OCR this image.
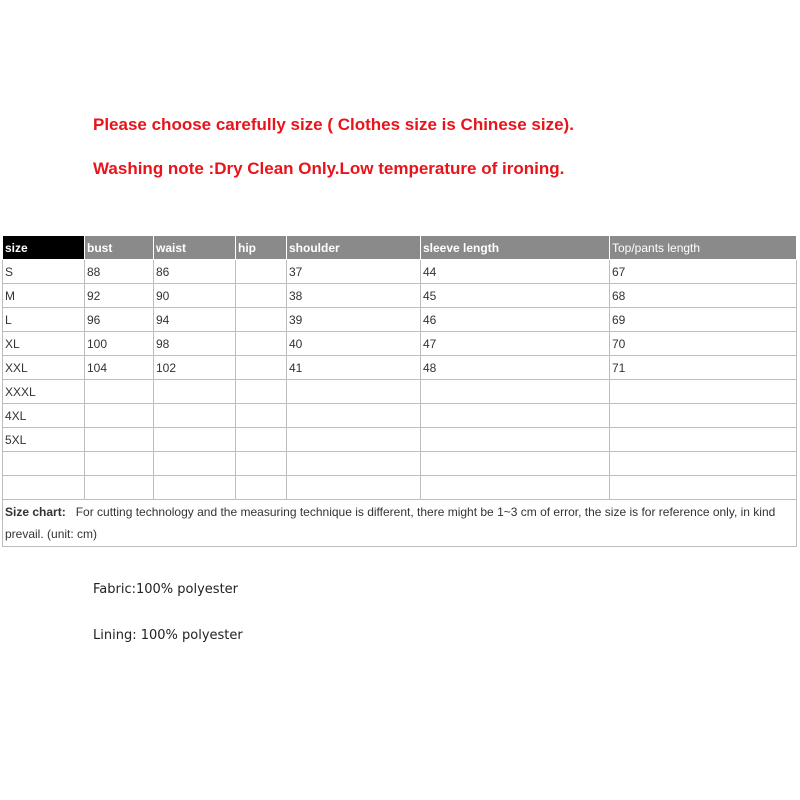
Please choose carefully size ( Clothes size is Chinese size).

Washing note :Dry Clean Only.Low temperature of ironing.

size	bust	waist	hip	shoulder	sleeve length	Top/pants length
S	88	86		37	44	67
M	92	90		38	45	68
L	96	94		39	46	69
XL	100	98		40	47	70
XXL	104	102		41	48	71
XXXL						
4XL						
5XL						

Size chart: For cutting technology and the measuring technique is different, there might be 1~3 cm of error, the size is for reference only, in kind prevail. (unit: cm)						

Fabric:100% polyester

Lining: 100% polyester
